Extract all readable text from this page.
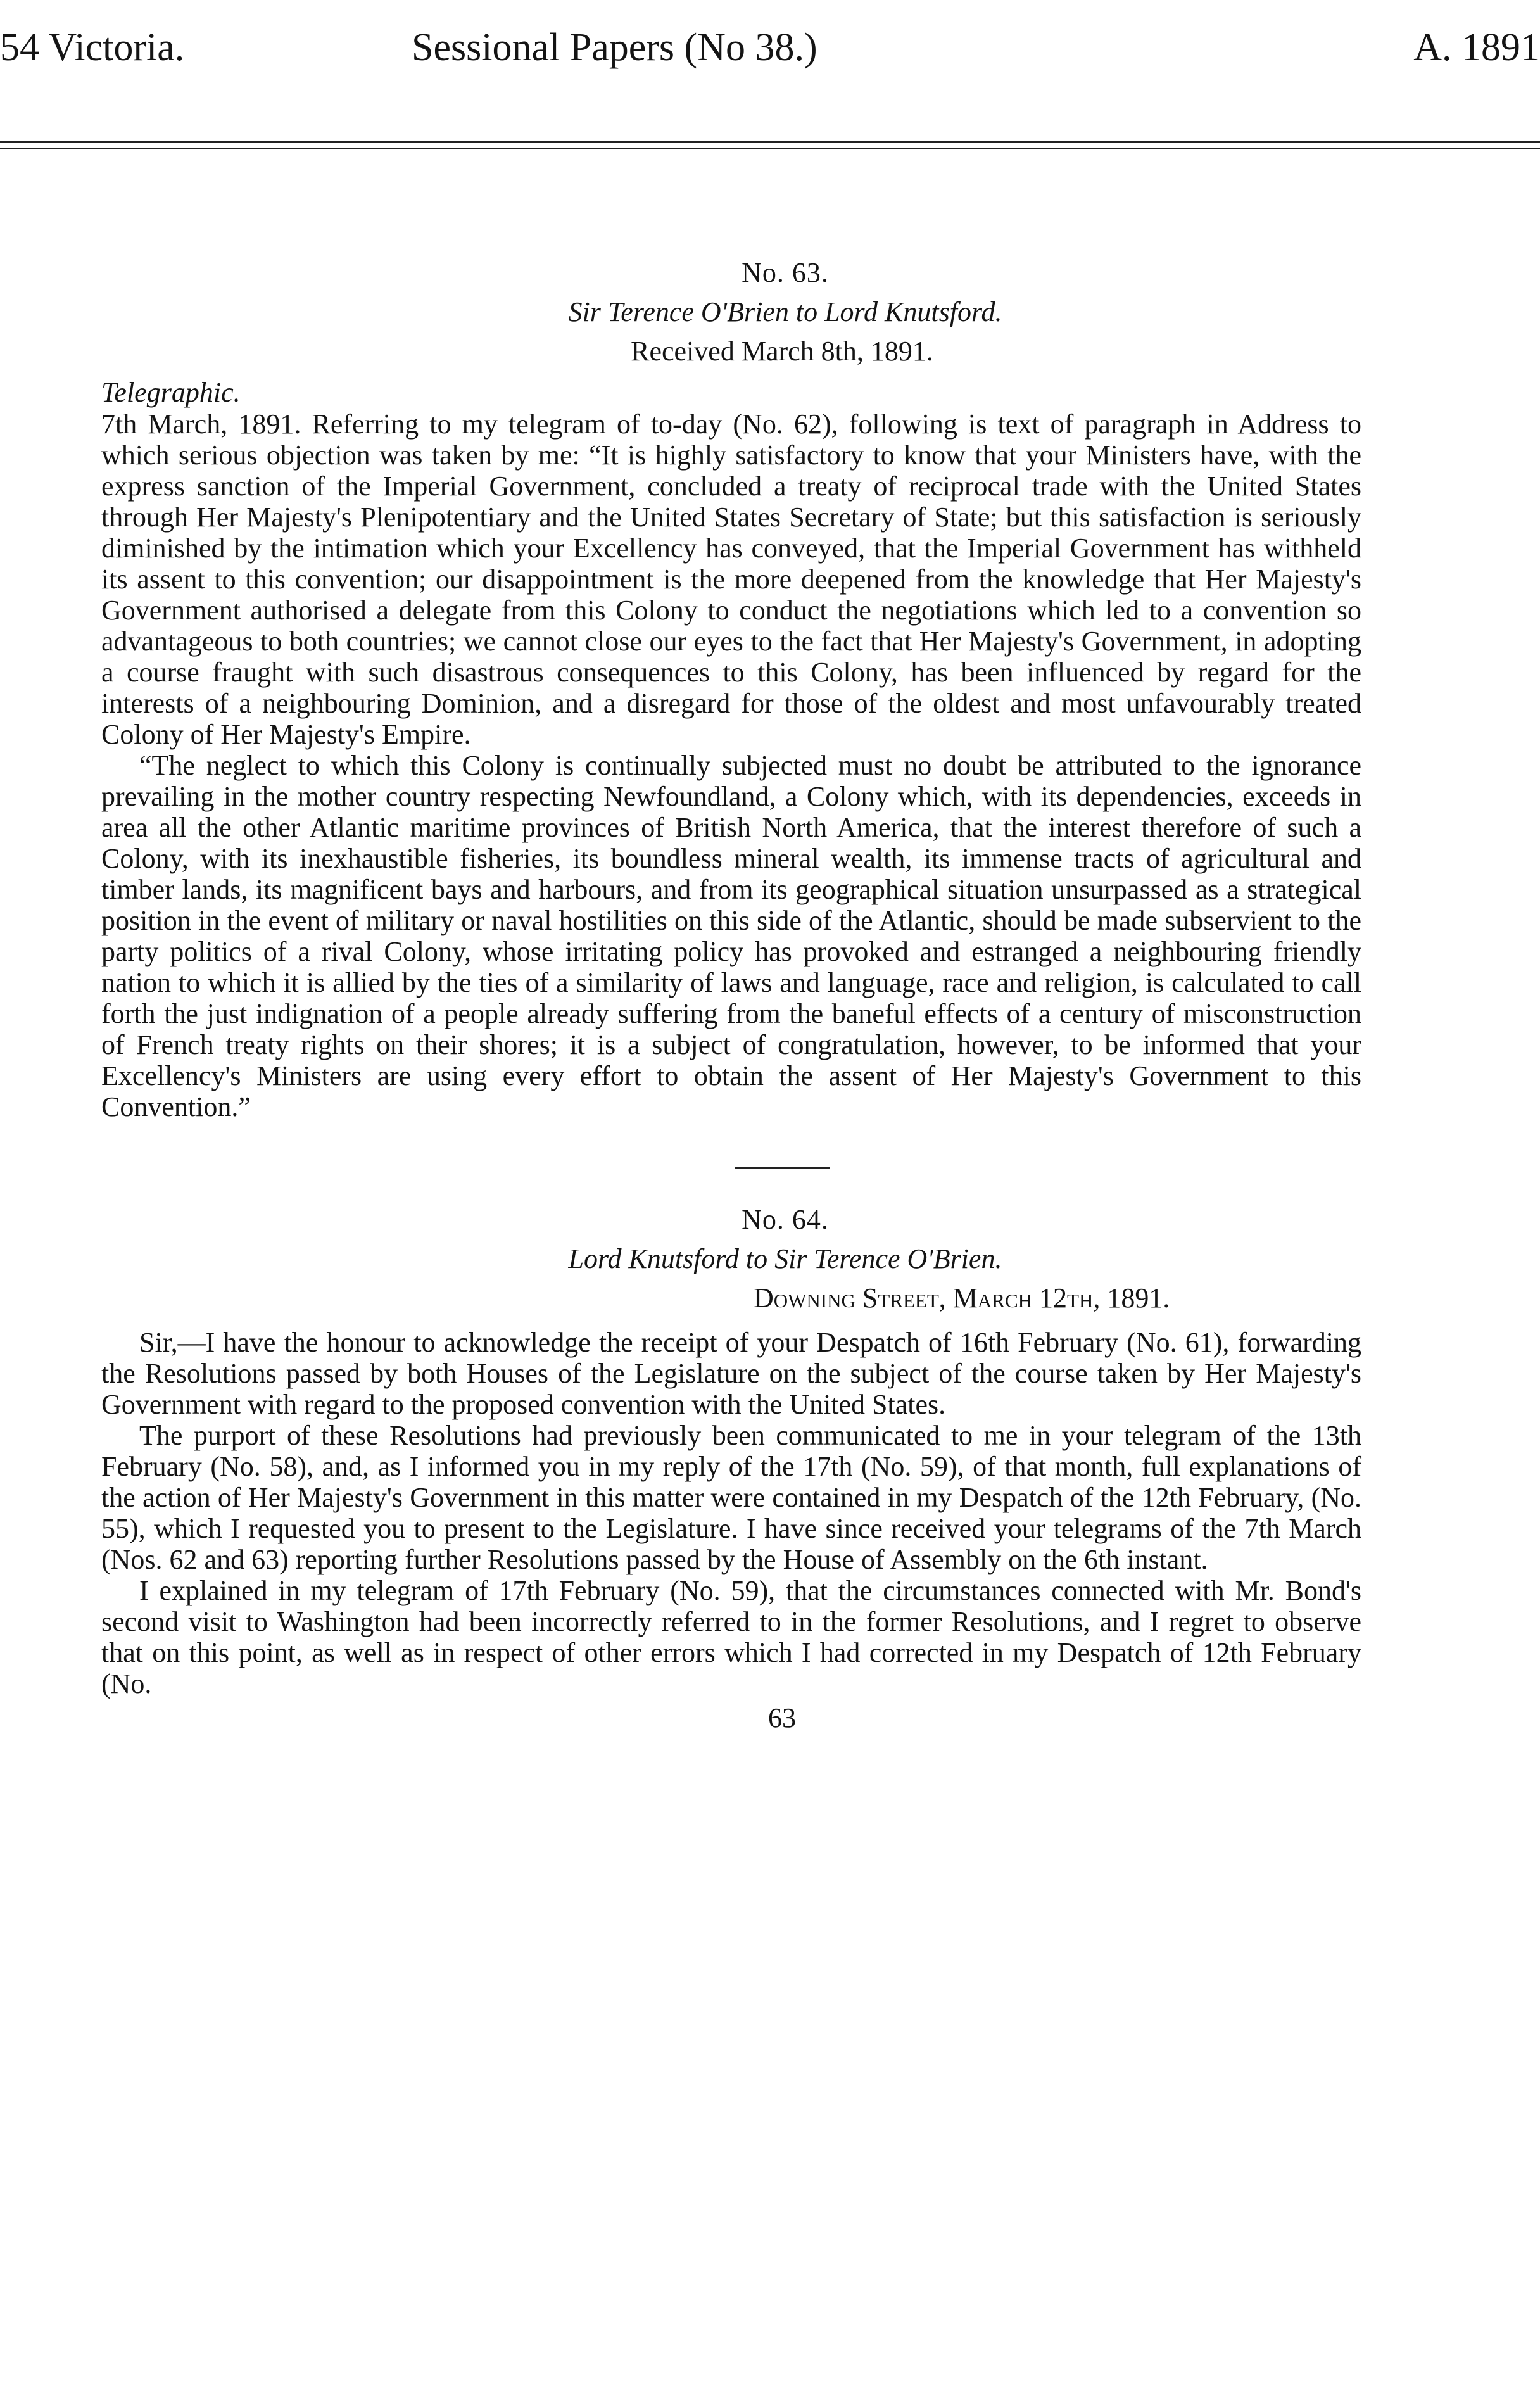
54 Victoria.	Sessional Papers (No 38.)	A. 1891
No. 63.
Sir Terence O'Brien to Lord Knutsford.
Received March 8th, 1891.
Telegraphic.

7th March, 1891. Referring to my telegram of to-day (No. 62), following is text of paragraph in Address to which serious objection was taken by me: “It is highly satisfactory to know that your Ministers have, with the express sanction of the Imperial Government, concluded a treaty of reciprocal trade with the United States through Her Majesty's Plenipotentiary and the United States Secretary of State; but this satisfaction is seriously diminished by the intimation which your Excellency has conveyed, that the Imperial Government has withheld its assent to this convention; our disappointment is the more deepened from the knowledge that Her Majesty's Government authorised a delegate from this Colony to conduct the negotiations which led to a convention so advantageous to both countries; we cannot close our eyes to the fact that Her Majesty's Government, in adopting a course fraught with such disastrous consequences to this Colony, has been influenced by regard for the interests of a neighbouring Dominion, and a disregard for those of the oldest and most unfavourably treated Colony of Her Majesty's Empire.

“The neglect to which this Colony is continually subjected must no doubt be attributed to the ignorance prevailing in the mother country respecting Newfoundland, a Colony which, with its dependencies, exceeds in area all the other Atlantic maritime provinces of British North America, that the interest therefore of such a Colony, with its inexhaustible fisheries, its boundless mineral wealth, its immense tracts of agricultural and timber lands, its magnificent bays and harbours, and from its geographical situation unsurpassed as a strategical position in the event of military or naval hostilities on this side of the Atlantic, should be made subservient to the party politics of a rival Colony, whose irritating policy has provoked and estranged a neighbouring friendly nation to which it is allied by the ties of a similarity of laws and language, race and religion, is calculated to call forth the just indignation of a people already suffering from the baneful effects of a century of misconstruction of French treaty rights on their shores; it is a subject of congratulation, however, to be informed that your Excellency's Ministers are using every effort to obtain the assent of Her Majesty's Government to this Convention.”

No. 64.
Lord Knutsford to Sir Terence O'Brien.
Downing Street, March 12th, 1891.

Sir,—I have the honour to acknowledge the receipt of your Despatch of 16th February (No. 61), forwarding the Resolutions passed by both Houses of the Legislature on the subject of the course taken by Her Majesty's Government with regard to the proposed convention with the United States.

The purport of these Resolutions had previously been communicated to me in your telegram of the 13th February (No. 58), and, as I informed you in my reply of the 17th (No. 59), of that month, full explanations of the action of Her Majesty's Government in this matter were contained in my Despatch of the 12th February, (No. 55), which I requested you to present to the Legislature. I have since received your telegrams of the 7th March (Nos. 62 and 63) reporting further Resolutions passed by the House of Assembly on the 6th instant.

I explained in my telegram of 17th February (No. 59), that the circumstances connected with Mr. Bond's second visit to Washington had been incorrectly referred to in the former Resolutions, and I regret to observe that on this point, as well as in respect of other errors which I had corrected in my Despatch of 12th February (No.

63
